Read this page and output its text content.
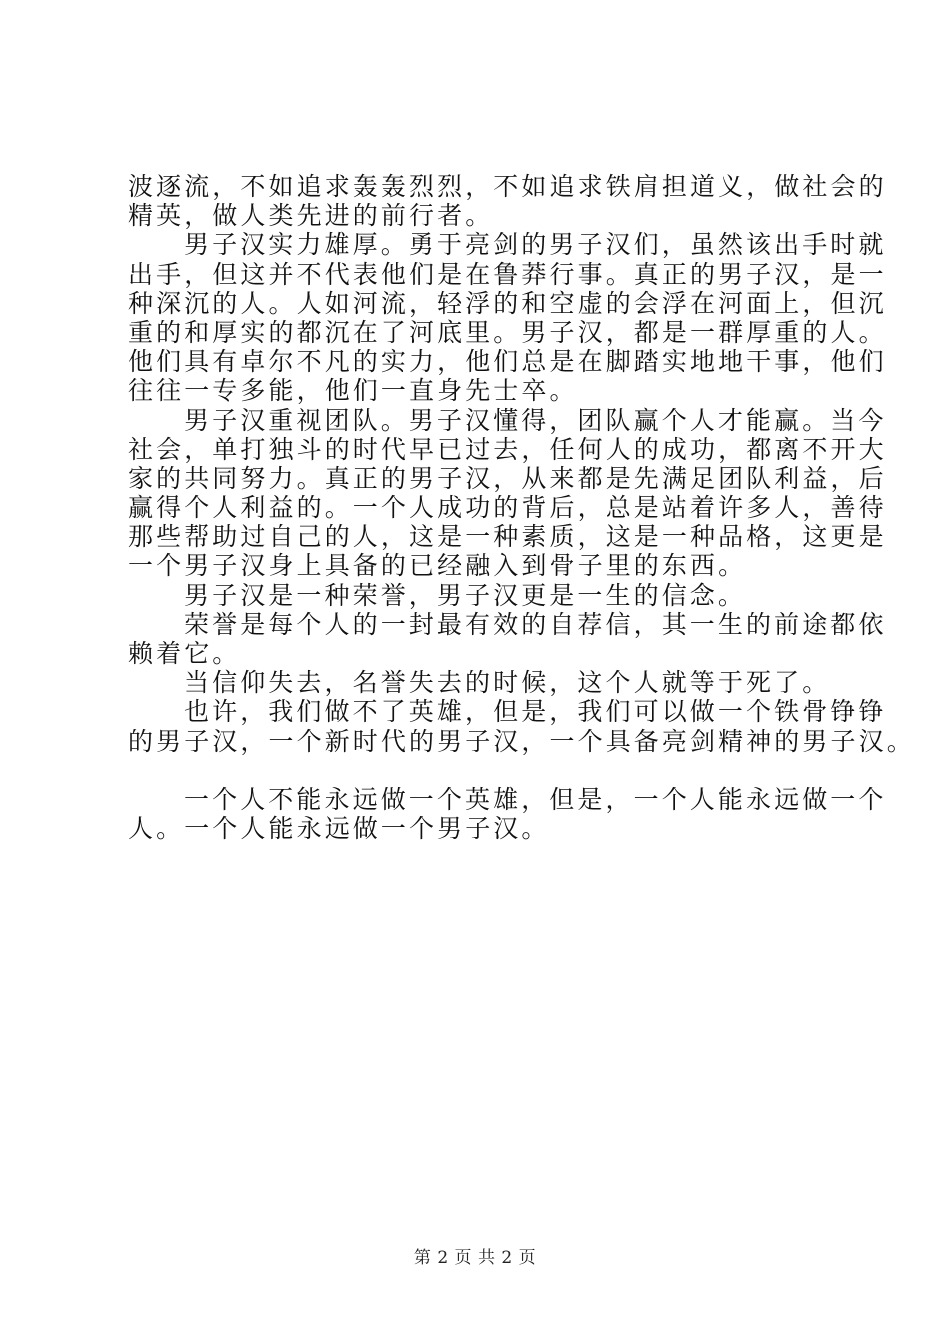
波逐流，不如追求轰轰烈烈，不如追求铁肩担道义，做社会的
精英，做人类先进的前行者。
男子汉实力雄厚。勇于亮剑的男子汉们，虽然该出手时就
出手，但这并不代表他们是在鲁莽行事。真正的男子汉，是一
种深沉的人。人如河流，轻浮的和空虚的会浮在河面上，但沉
重的和厚实的都沉在了河底里。男子汉，都是一群厚重的人。
他们具有卓尔不凡的实力，他们总是在脚踏实地地干事，他们
往往一专多能，他们一直身先士卒。
男子汉重视团队。男子汉懂得，团队赢个人才能赢。当今
社会，单打独斗的时代早已过去，任何人的成功，都离不开大
家的共同努力。真正的男子汉，从来都是先满足团队利益，后
赢得个人利益的。一个人成功的背后，总是站着许多人，善待
那些帮助过自己的人，这是一种素质，这是一种品格，这更是
一个男子汉身上具备的已经融入到骨子里的东西。
男子汉是一种荣誉，男子汉更是一生的信念。
荣誉是每个人的一封最有效的自荐信，其一生的前途都依
赖着它。
当信仰失去，名誉失去的时候，这个人就等于死了。
也许，我们做不了英雄，但是，我们可以做一个铁骨铮铮
的男子汉，一个新时代的男子汉，一个具备亮剑精神的男子汉。
一个人不能永远做一个英雄，但是，一个人能永远做一个
人。一个人能永远做一个男子汉。
第 2 页 共 2 页
